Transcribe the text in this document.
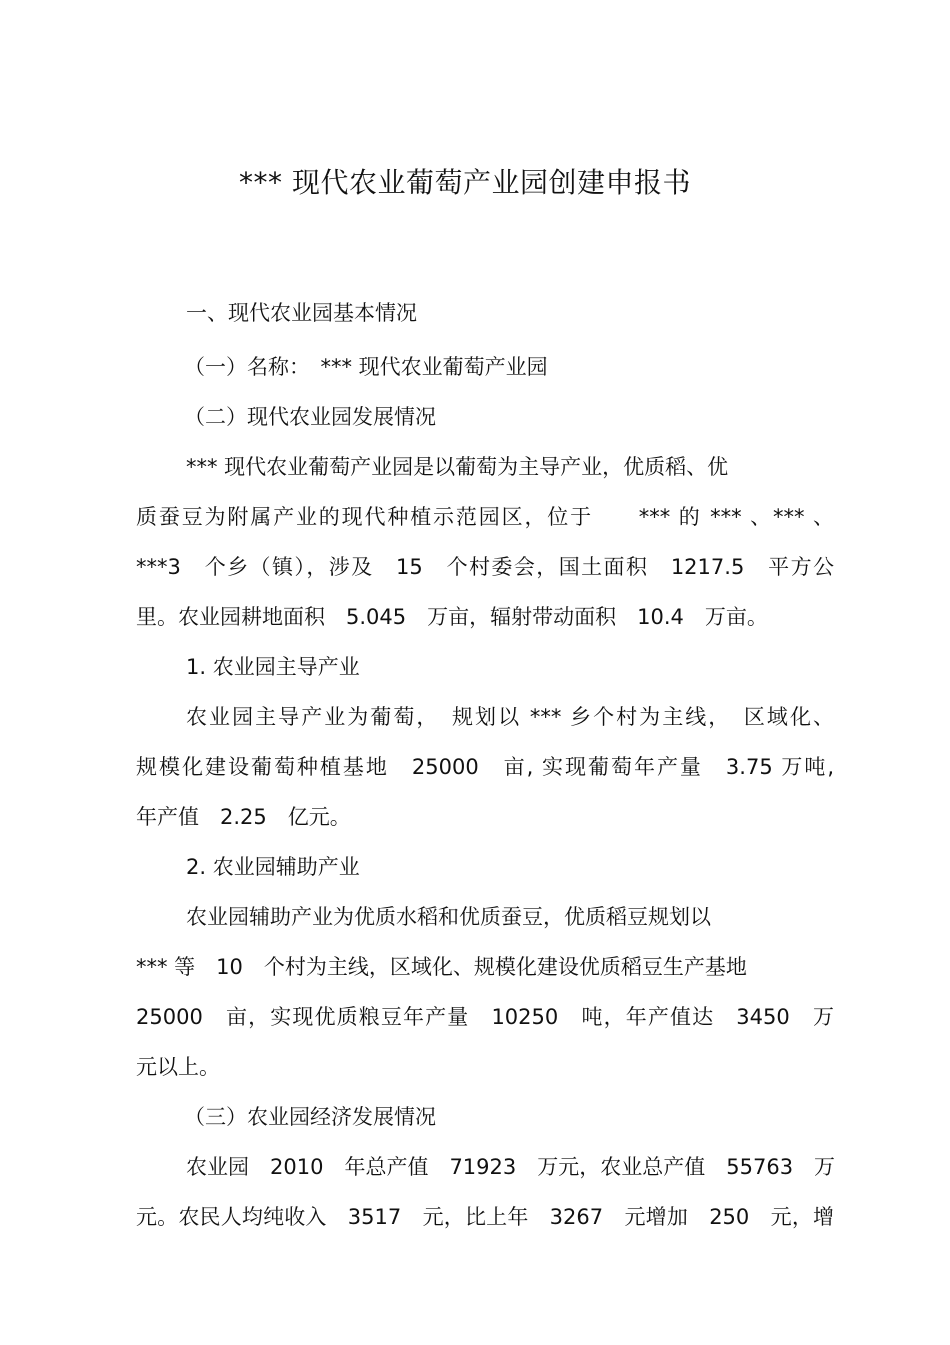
*** 现代农业葡萄产业园创建申报书
一、现代农业园基本情况
（一）名称：　*** 现代农业葡萄产业园
（二）现代农业园发展情况
*** 现代农业葡萄产业园是以葡萄为主导产业，优质稻、优
质蚕豆为附属产业的现代种植示范园区，位于　　*** 的 *** 、*** 、
***3　个乡（镇），涉及　15　个村委会，国土面积　1217.5　平方公
里。农业园耕地面积　5.045　万亩，辐射带动面积　10.4　万亩。
1. 农业园主导产业
农业园主导产业为葡萄，　规划以 *** 乡个村为主线，　区域化、
规模化建设葡萄种植基地　25000　亩, 实现葡萄年产量　3.75 万吨,
年产值　2.25　亿元。
2. 农业园辅助产业
农业园辅助产业为优质水稻和优质蚕豆，优质稻豆规划以
*** 等　10　个村为主线，区域化、规模化建设优质稻豆生产基地
25000　亩，实现优质粮豆年产量　10250　吨，年产值达　3450　万
元以上。
（三）农业园经济发展情况
农业园　2010　年总产值　71923　万元，农业总产值　55763　万
元。农民人均纯收入　3517　元，比上年　3267　元增加　250　元，增
